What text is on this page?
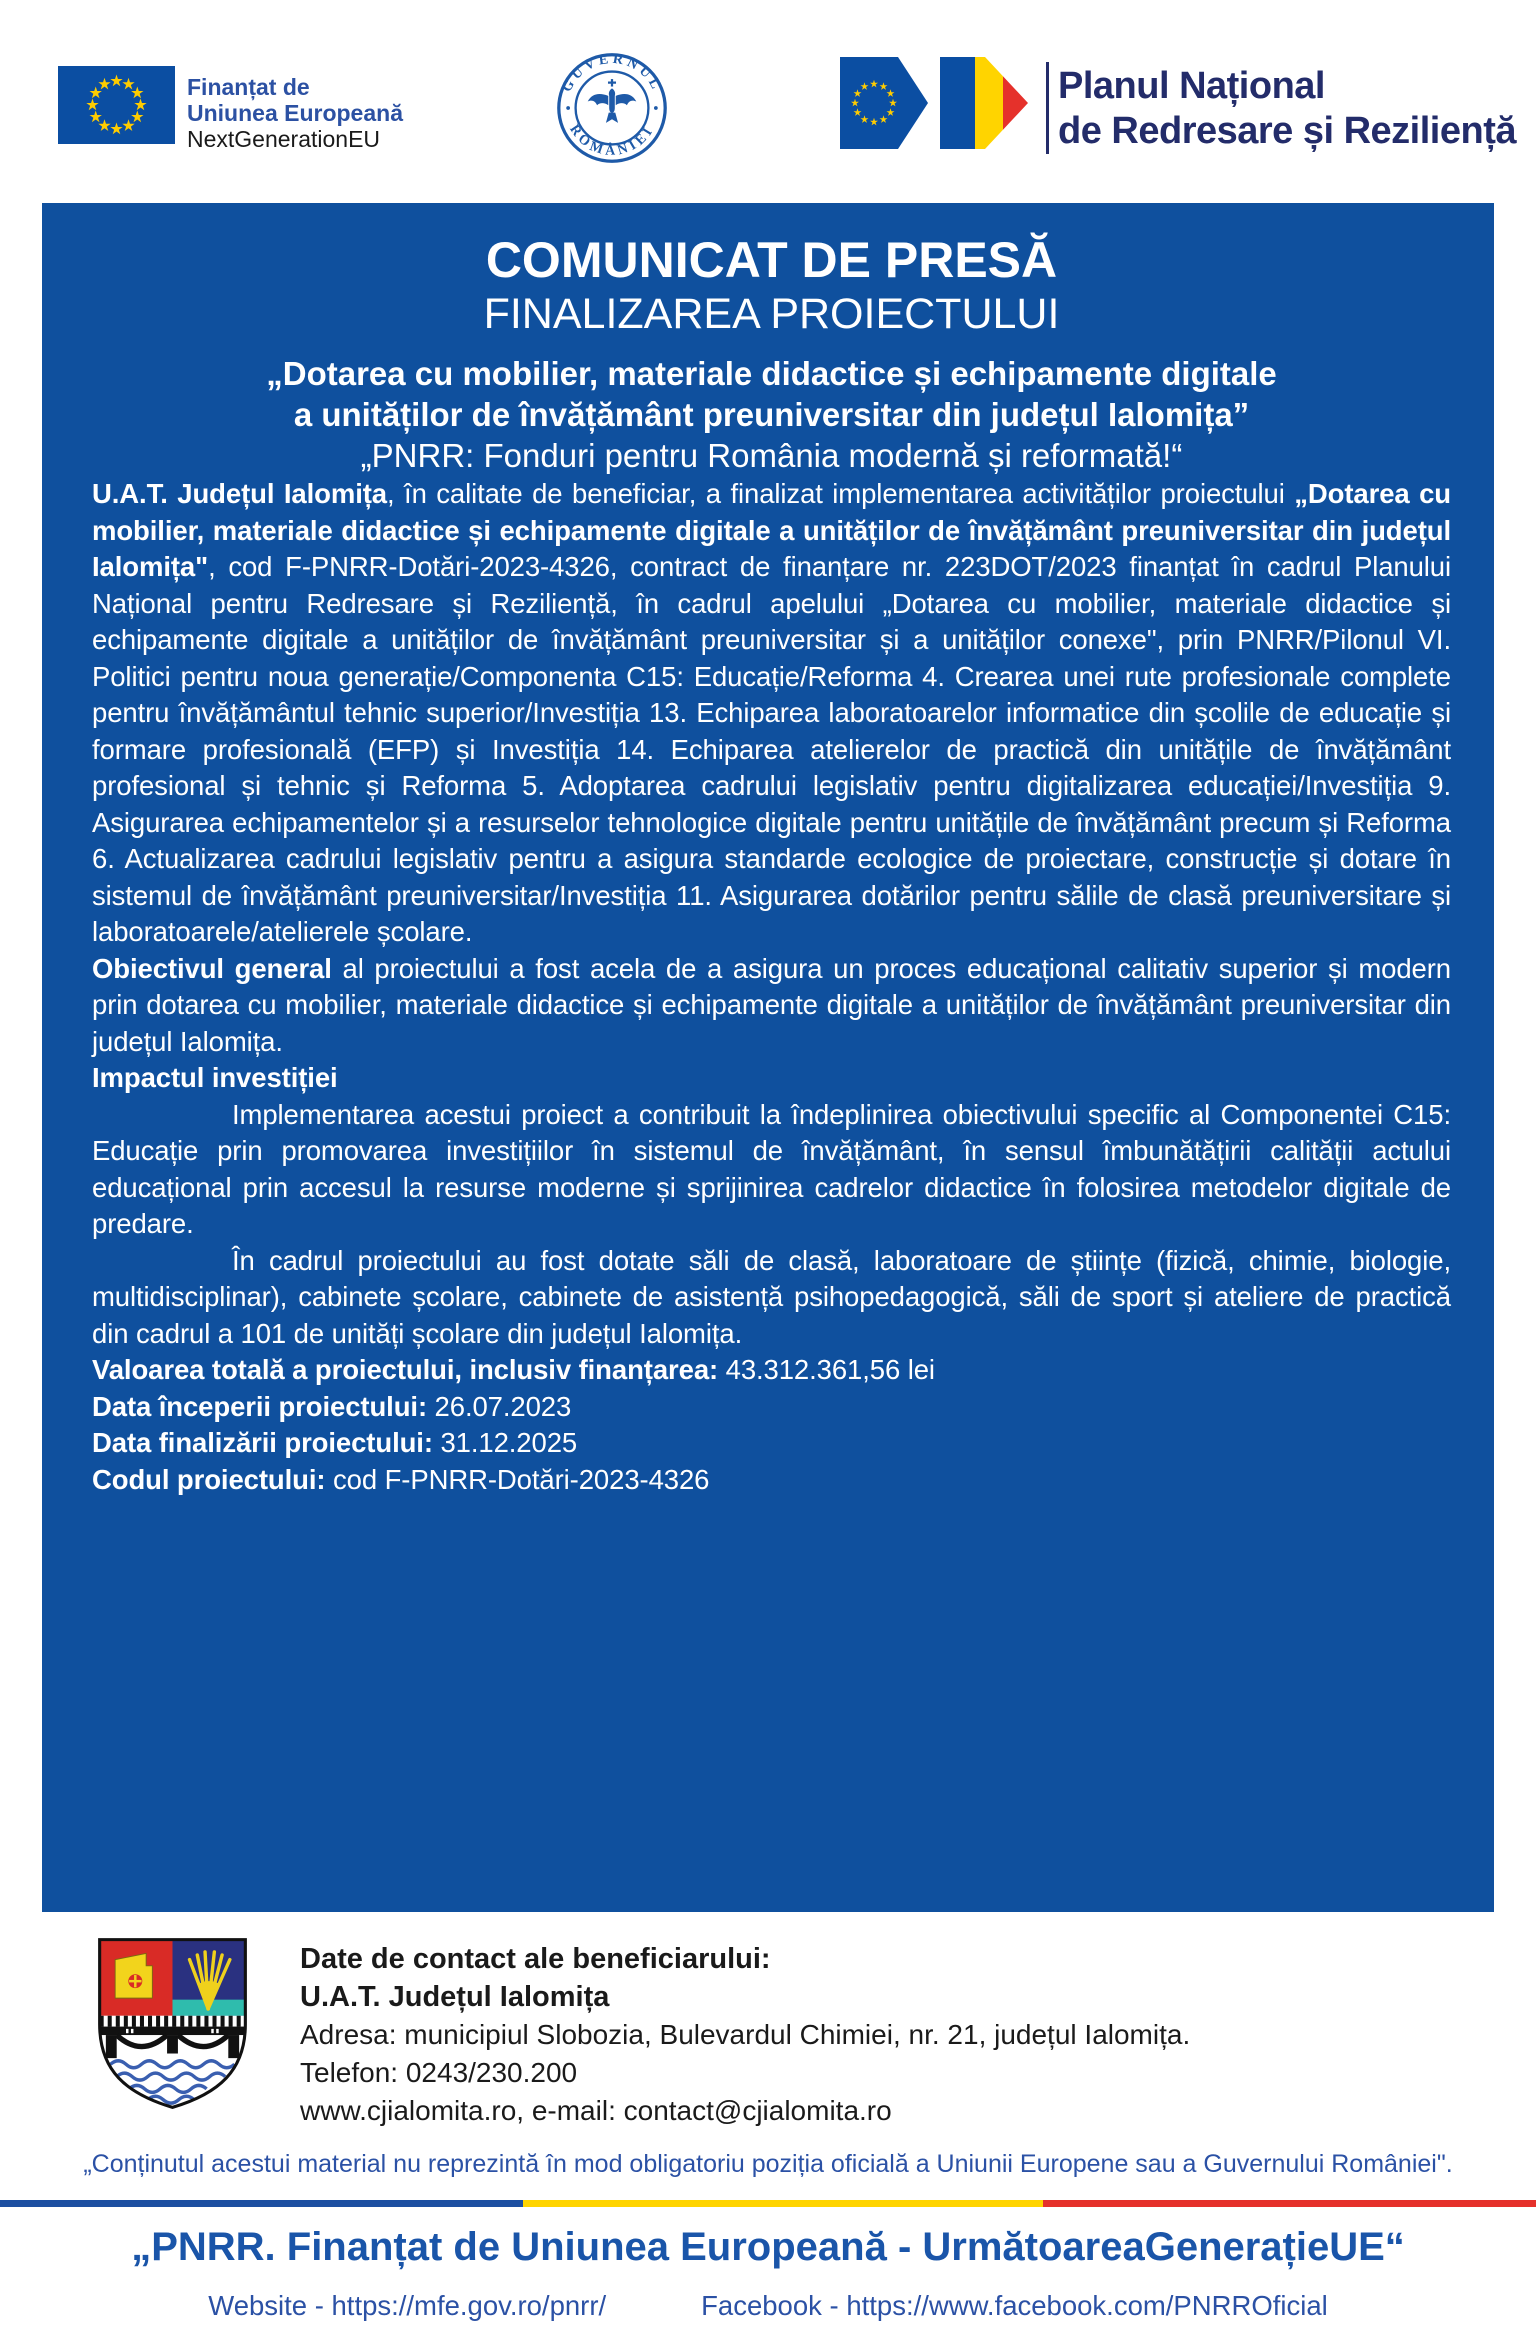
Finanțat de
Uniunea Europeană
NextGenerationEU
GUVERNUL
ROMÂNIEI
Planul Național
de Redresare și Reziliență
COMUNICAT DE PRESĂ
FINALIZAREA PROIECTULUI

„Dotarea cu mobilier, materiale didactice și echipamente digitale

a unităților de învățământ preuniversitar din județul Ialomița”

„PNRR: Fonduri pentru România modernă și reformată!“

U.A.T. Județul Ialomița, în calitate de beneficiar, a finalizat implementarea activităților proiectului „Dotarea cu mobilier, materiale didactice și echipamente digitale a unităților de învățământ preuniversitar din județul Ialomița", cod F-PNRR-Dotări-2023-4326, contract de finanțare nr. 223DOT/2023 finanțat în cadrul Planului Național pentru Redresare și Reziliență, în cadrul apelului „Dotarea cu mobilier, materiale didactice și echipamente digitale a unităților de învățământ preuniversitar și a unităților conexe", prin PNRR/Pilonul VI. Politici pentru noua generație/Componenta C15: Educație/Reforma 4. Crearea unei rute profesionale complete pentru învățământul tehnic superior/Investiția 13. Echiparea laboratoarelor informatice din școlile de educație și formare profesională (EFP) și Investiția 14. Echiparea atelierelor de practică din unitățile de învățământ profesional și tehnic și Reforma 5. Adoptarea cadrului legislativ pentru digitalizarea educației/Investiția 9. Asigurarea echipamentelor și a resurselor tehnologice digitale pentru unitățile de învățământ precum și Reforma 6. Actualizarea cadrului legislativ pentru a asigura standarde ecologice de proiectare, construcție și dotare în sistemul de învățământ preuniversitar/Investiția 11. Asigurarea dotărilor pentru sălile de clasă preuniversitare și laboratoarele/atelierele școlare.

Obiectivul general al proiectului a fost acela de a asigura un proces educațional calitativ superior și modern prin dotarea cu mobilier, materiale didactice și echipamente digitale a unităților de învățământ preuniversitar din județul Ialomița.

Impactul investiției

Implementarea acestui proiect a contribuit la îndeplinirea obiectivului specific al Componentei C15: Educație prin promovarea investițiilor în sistemul de învățământ, în sensul îmbunătățirii calității actului educațional prin accesul la resurse moderne și sprijinirea cadrelor didactice în folosirea metodelor digitale de predare.

În cadrul proiectului au fost dotate săli de clasă, laboratoare de științe (fizică, chimie, biologie, multidisciplinar), cabinete școlare, cabinete de asistență psihopedagogică, săli de sport și ateliere de practică din cadrul a 101 de unități școlare din județul Ialomița.

Valoarea totală a proiectului, inclusiv finanțarea: 43.312.361,56 lei

Data începerii proiectului: 26.07.2023

Data finalizării proiectului: 31.12.2025

Codul proiectului: cod F-PNRR-Dotări-2023-4326

Date de contact ale beneficiarului:
U.A.T. Județul Ialomița
Adresa: municipiul Slobozia, Bulevardul Chimiei, nr. 21, județul Ialomița.
Telefon: 0243/230.200
www.cjialomita.ro, e-mail: contact@cjialomita.ro

„Conținutul acestui material nu reprezintă în mod obligatoriu poziția oficială a Uniunii Europene sau a Guvernului României".

„PNRR. Finanțat de Uniunea Europeană - UrmătoareaGenerațieUE“

Website - https://mfe.gov.ro/pnrr/	Facebook - https://www.facebook.com/PNRROficial
